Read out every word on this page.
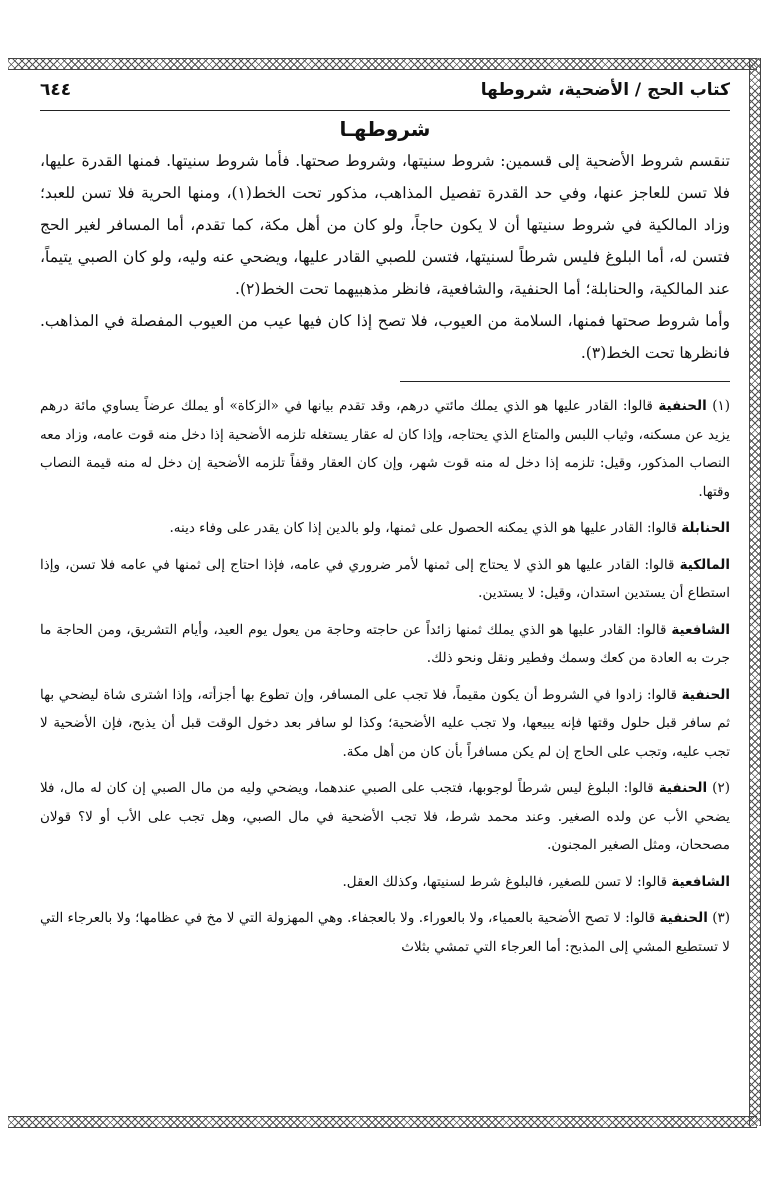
كتاب الحج / الأضحية، شروطها
٦٤٤
شروطهـا

تنقسم شروط الأضحية إلى قسمين: شروط سنيتها، وشروط صحتها. فأما شروط سنيتها. فمنها القدرة عليها، فلا تسن للعاجز عنها، وفي حد القدرة تفصيل المذاهب، مذكور تحت الخط(١)، ومنها الحرية فلا تسن للعبد؛ وزاد المالكية في شروط سنيتها أن لا يكون حاجاً، ولو كان من أهل مكة، كما تقدم، أما المسافر لغير الحج فتسن له، أما البلوغ فليس شرطاً لسنيتها، فتسن للصبي القادر عليها، ويضحي عنه وليه، ولو كان الصبي يتيماً، عند المالكية، والحنابلة؛ أما الحنفية، والشافعية، فانظر مذهبيهما تحت الخط(٢).

وأما شروط صحتها فمنها، السلامة من العيوب، فلا تصح إذا كان فيها عيب من العيوب المفصلة في المذاهب. فانظرها تحت الخط(٣).

(١) الحنفية قالوا: القادر عليها هو الذي يملك مائتي درهم، وقد تقدم بيانها في «الزكاة» أو يملك عرضاً يساوي مائة درهم يزيد عن مسكنه، وثياب اللبس والمتاع الذي يحتاجه، وإذا كان له عقار يستغله تلزمه الأضحية إذا دخل منه قوت عامه، وزاد معه النصاب المذكور، وقيل: تلزمه إذا دخل له منه قوت شهر، وإن كان العقار وقفاً تلزمه الأضحية إن دخل له منه قيمة النصاب وقتها.

الحنابلة قالوا: القادر عليها هو الذي يمكنه الحصول على ثمنها، ولو بالدين إذا كان يقدر على وفاء دينه.

المالكية قالوا: القادر عليها هو الذي لا يحتاج إلى ثمنها لأمر ضروري في عامه، فإذا احتاج إلى ثمنها في عامه فلا تسن، وإذا استطاع أن يستدين استدان، وقيل: لا يستدين.

الشافعية قالوا: القادر عليها هو الذي يملك ثمنها زائداً عن حاجته وحاجة من يعول يوم العيد، وأيام التشريق، ومن الحاجة ما جرت به العادة من كعك وسمك وفطير ونقل ونحو ذلك.

الحنفية قالوا: زادوا في الشروط أن يكون مقيماً، فلا تجب على المسافر، وإن تطوع بها أجزأته، وإذا اشترى شاة ليضحي بها ثم سافر قبل حلول وقتها فإنه يبيعها، ولا تجب عليه الأضحية؛ وكذا لو سافر بعد دخول الوقت قبل أن يذبح، فإن الأضحية لا تجب عليه، وتجب على الحاج إن لم يكن مسافراً بأن كان من أهل مكة.

(٢) الحنفية قالوا: البلوغ ليس شرطاً لوجوبها، فتجب على الصبي عندهما، ويضحي وليه من مال الصبي إن كان له مال، فلا يضحي الأب عن ولده الصغير. وعند محمد شرط، فلا تجب الأضحية في مال الصبي، وهل تجب على الأب أو لا؟ قولان مصححان، ومثل الصغير المجنون.

الشافعية قالوا: لا تسن للصغير، فالبلوغ شرط لسنيتها، وكذلك العقل.

(٣) الحنفية قالوا: لا تصح الأضحية بالعمياء، ولا بالعوراء. ولا بالعجفاء. وهي المهزولة التي لا مخ في عظامها؛ ولا بالعرجاء التي لا تستطيع المشي إلى المذبح: أما العرجاء التي تمشي بثلاث
